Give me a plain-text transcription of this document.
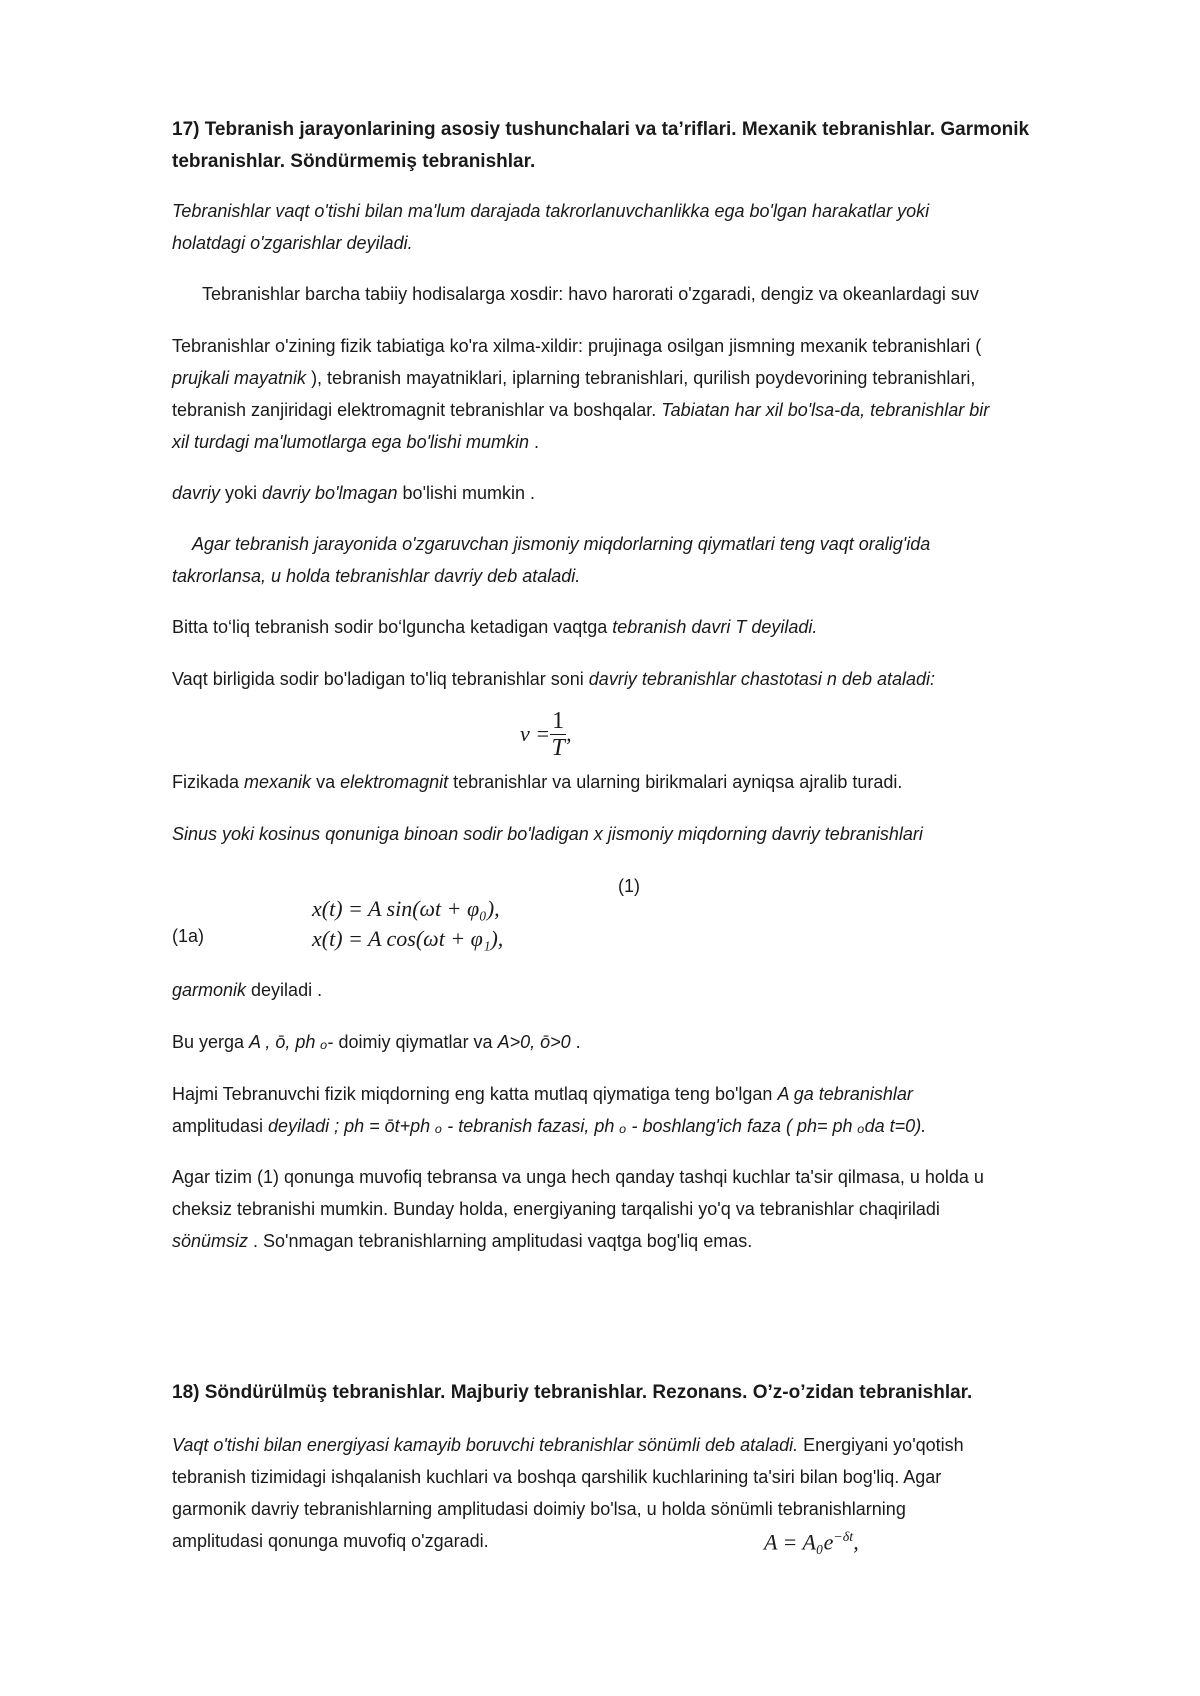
17) Tebranish jarayonlarining asosiy tushunchalari va ta’riflari. Mexanik tebranishlar. Garmonik
tebranishlar. Söndürmemiş tebranishlar.

Tebranishlar vaqt o'tishi bilan ma'lum darajada takrorlanuvchanlikka ega bo'lgan harakatlar yoki
holatdagi o'zgarishlar deyiladi.

Tebranishlar barcha tabiiy hodisalarga xosdir: havo harorati o'zgaradi, dengiz va okeanlardagi suv

Tebranishlar o'zining fizik tabiatiga ko'ra xilma-xildir: prujinaga osilgan jismning mexanik tebranishlari (
prujkali mayatnik ), tebranish mayatniklari, iplarning tebranishlari, qurilish poydevorining tebranishlari,
tebranish zanjiridagi elektromagnit tebranishlar va boshqalar. Tabiatan har xil bo'lsa-da, tebranishlar bir
xil turdagi ma'lumotlarga ega bo'lishi mumkin .

davriy yoki davriy bo'lmagan bo'lishi mumkin .

Agar tebranish jarayonida o'zgaruvchan jismoniy miqdorlarning qiymatlari teng vaqt oralig'ida
takrorlansa, u holda tebranishlar davriy deb ataladi.

Bitta to‘liq tebranish sodir bo‘lguncha ketadigan vaqtga tebranish davri T deyiladi.

Vaqt birligida sodir bo'ladigan to'liq tebranishlar soni davriy tebranishlar chastotasi n deb ataladi:

$\nu = \frac{1}{T}$ ,

Fizikada mexanik va elektromagnit tebranishlar va ularning birikmalari ayniqsa ajralib turadi.

Sinus yoki kosinus qonuniga binoan sodir bo'ladigan x jismoniy miqdorning davriy tebranishlari

(1)
(1a)
x(t) = A sin(ωt + φ₀),
x(t) = A cos(ωt + φ₁),

garmonik deyiladi .

Bu yerga A , ō, ph ₒ- doimiy qiymatlar va A>0, ō>0 .

Hajmi Tebranuvchi fizik miqdorning eng katta mutlaq qiymatiga teng bo'lgan A ga tebranishlar
amplitudasi deyiladi ; ph = ōt+ph ₒ - tebranish fazasi, ph ₒ - boshlang'ich faza ( ph= ph ₒda t=0).

Agar tizim (1) qonunga muvofiq tebransa va unga hech qanday tashqi kuchlar ta'sir qilmasa, u holda u
cheksiz tebranishi mumkin. Bunday holda, energiyaning tarqalishi yo'q va tebranishlar chaqiriladi
sönümsiz . So'nmagan tebranishlarning amplitudasi vaqtga bog'liq emas.

18) Söndürülmüş tebranishlar. Majburiy tebranishlar. Rezonans. O’z-o’zidan tebranishlar.

Vaqt o'tishi bilan energiyasi kamayib boruvchi tebranishlar sönümli deb ataladi. Energiyani yo'qotish
tebranish tizimidagi ishqalanish kuchlari va boshqa qarshilik kuchlarining ta'siri bilan bog'liq. Agar
garmonik davriy tebranishlarning amplitudasi doimiy bo'lsa, u holda sönümli tebranishlarning
amplitudasi qonunga muvofiq o'zgaradi.	$A = A_0e^{-\delta t}$,
